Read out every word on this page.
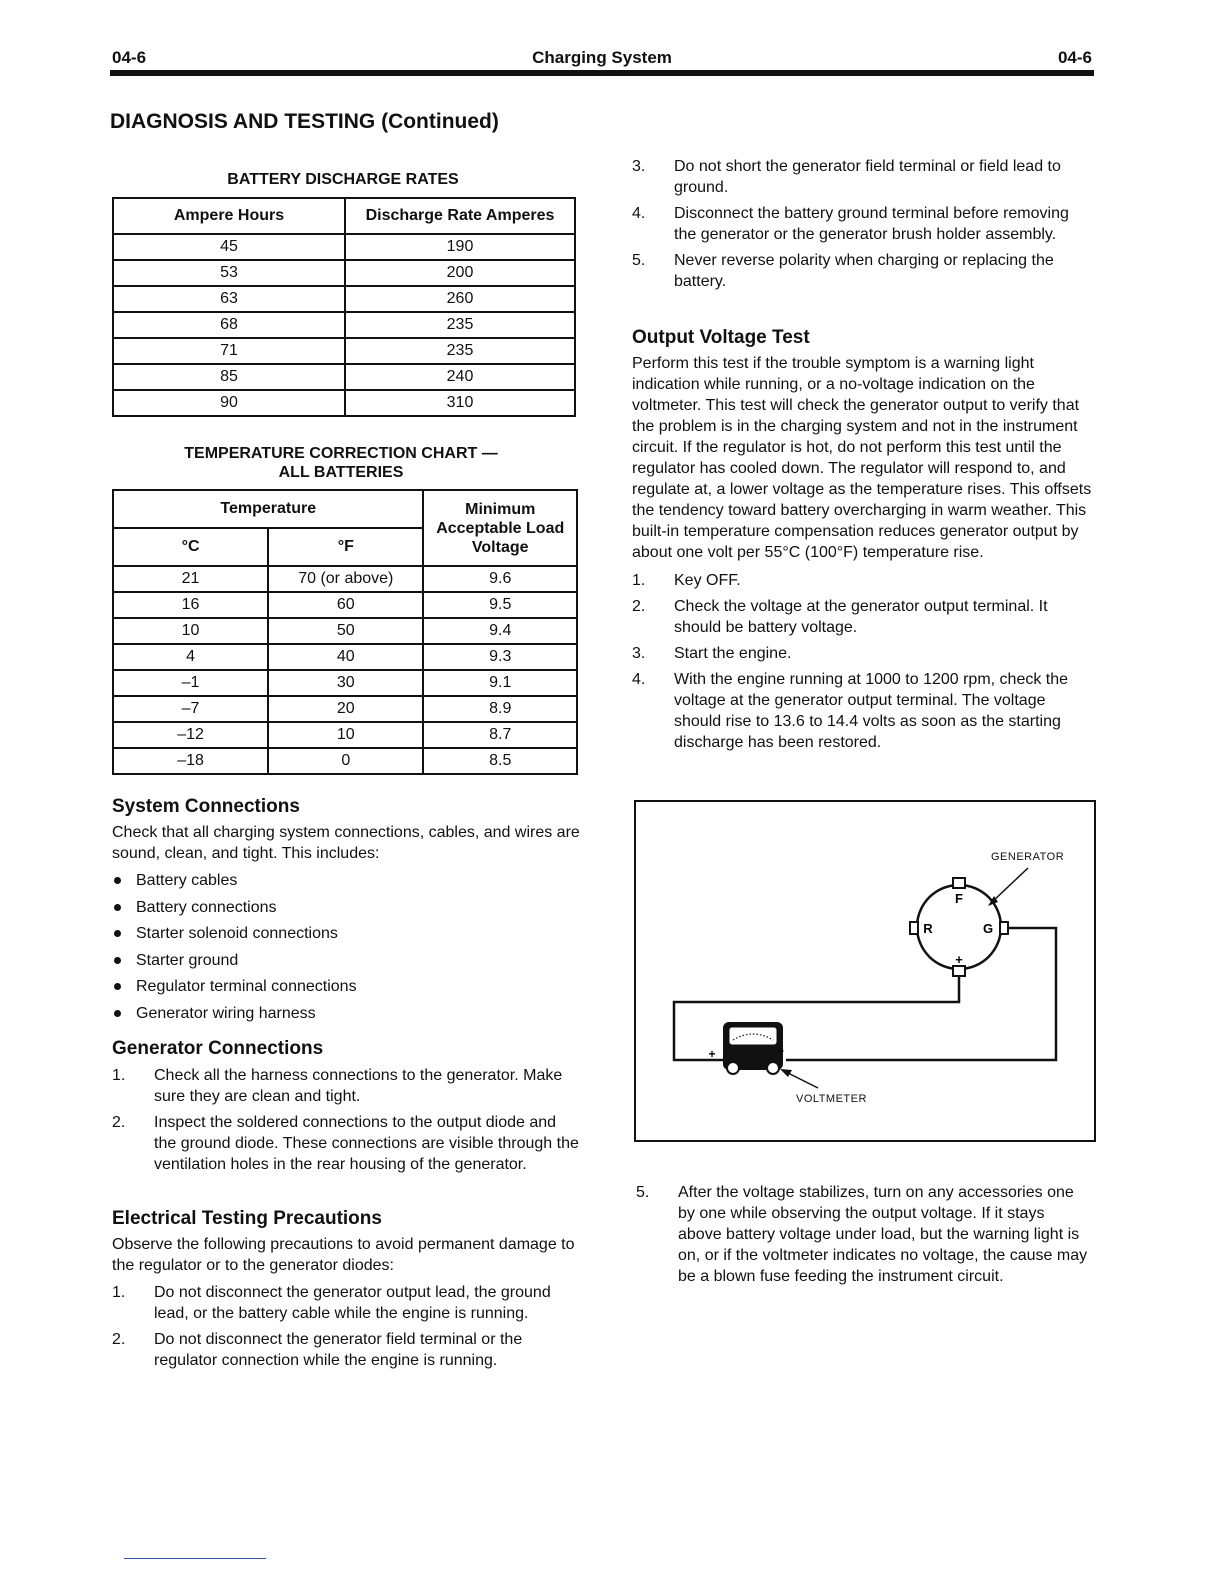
Charging System
04-6	04-6
DIAGNOSIS AND TESTING (Continued)
BATTERY DISCHARGE RATES
Ampere Hours	Discharge Rate Amperes
45	190
53	200
63	260
68	235
71	235
85	240
90	310
TEMPERATURE CORRECTION CHART —
ALL BATTERIES
Temperature		Minimum Acceptable Load Voltage
°C	°F	
21	70 (or above)	9.6
16	60	9.5
10	50	9.4
4	40	9.3
–1	30	9.1
–7	20	8.9
–12	10	8.7
–18	0	8.5
System Connections

Check that all charging system connections, cables, and wires are sound, clean, and tight. This includes:

Battery cables
Battery connections
Starter solenoid connections
Starter ground
Regulator terminal connections
Generator wiring harness
Generator Connections
1. Check all the harness connections to the generator. Make sure they are clean and tight.
2. Inspect the soldered connections to the output diode and the ground diode. These connections are visible through the ventilation holes in the rear housing of the generator.
Electrical Testing Precautions

Observe the following precautions to avoid permanent damage to the regulator or to the generator diodes:

1. Do not disconnect the generator output lead, the ground lead, or the battery cable while the engine is running.
2. Do not disconnect the generator field terminal or the regulator connection while the engine is running.
3. Do not short the generator field terminal or field lead to ground.
4. Disconnect the battery ground terminal before removing the generator or the generator brush holder assembly.
5. Never reverse polarity when charging or replacing the battery.
Output Voltage Test

Perform this test if the trouble symptom is a warning light indication while running, or a no-voltage indication on the voltmeter. This test will check the generator output to verify that the problem is in the charging system and not in the instrument circuit. If the regulator is hot, do not perform this test until the regulator has cooled down. The regulator will respond to, and regulate at, a lower voltage as the temperature rises. This offsets the tendency toward battery overcharging in warm weather. This built-in temperature compensation reduces generator output by about one volt per 55°C (100°F) temperature rise.

1. Key OFF.
2. Check the voltage at the generator output terminal. It should be battery voltage.
3. Start the engine.
4. With the engine running at 1000 to 1200 rpm, check the voltage at the generator output terminal. The voltage should rise to 13.6 to 14.4 volts as soon as the starting discharge has been restored.
F
R	G
+
GENERATOR
+	-
VOLTMETER
5. After the voltage stabilizes, turn on any accessories one by one while observing the output voltage. If it stays above battery voltage under load, but the warning light is on, or if the voltmeter indicates no voltage, the cause may be a blown fuse feeding the instrument circuit.
